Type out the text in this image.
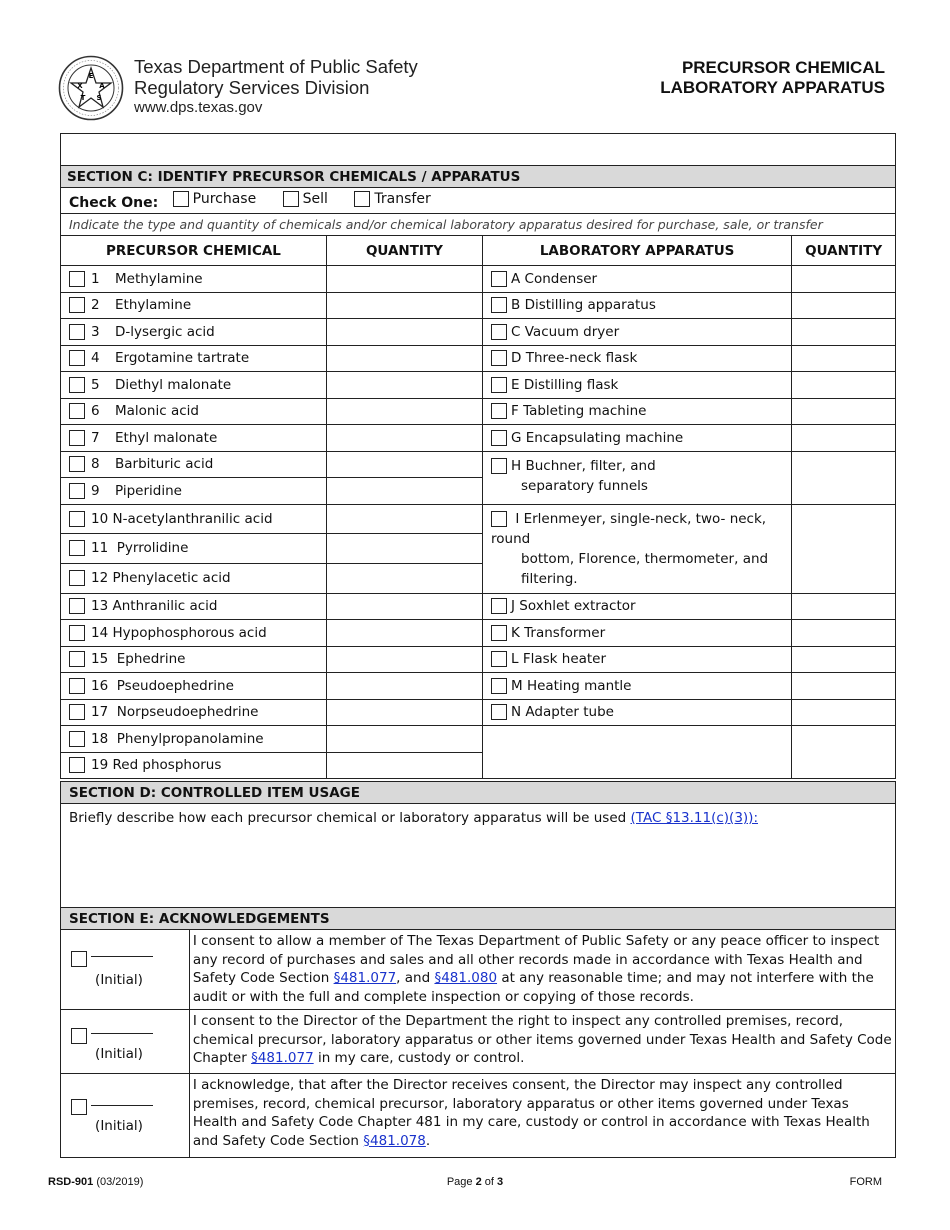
E
X A
T S
Texas Department of Public Safety
Regulatory Services Division
www.dps.texas.gov
PRECURSOR CHEMICAL
LABORATORY APPARATUS

SECTION C: IDENTIFY PRECURSOR CHEMICALS / APPARATUS			
Check One: Purchase
Sell
Transfer			

Indicate the type and quantity of chemicals and/or chemical laboratory apparatus desired for purchase, sale, or transfer			
PRECURSOR CHEMICAL	QUANTITY	LABORATORY APPARATUS	QUANTITY
1 Methylamine		A Condenser	
2 Ethylamine		B Distilling apparatus	
3 D-lysergic acid		C Vacuum dryer	
4 Ergotamine tartrate		D Three-neck flask	
5 Diethyl malonate		E Distilling flask	
6 Malonic acid		F Tableting machine	
7 Ethyl malonate		G Encapsulating machine	
8 Barbituric acid		H Buchner, filter, and
separatory funnels	

9 Piperidine			
10 N-acetylanthranilic acid		I Erlenmeyer, single-neck, two- neck, round
bottom, Florence, thermometer, and
filtering.	

11 Pyrrolidine			
12 Phenylacetic acid			
13 Anthranilic acid		J Soxhlet extractor	
14 Hypophosphorous acid		K Transformer	
15 Ephedrine		L Flask heater	
16 Pseudoephedrine		M Heating mantle	
17 Norpseudoephedrine		N Adapter tube	
18 Phenylpropanolamine			
19 Red phosphorus			
SECTION D: CONTROLLED ITEM USAGE	
Briefly describe how each precursor chemical or laboratory apparatus will be used (TAC §13.11(c)(3)):	
SECTION E: ACKNOWLEDGEMENTS	

(Initial)	I consent to allow a member of The Texas Department of Public Safety or any peace officer to inspect any record of purchases and sales and all other records made in accordance with Texas Health and Safety Code Section §481.077, and §481.080 at any reasonable time; and may not interfere with the audit or with the full and complete inspection or copying of those records.

(Initial)	I consent to the Director of the Department the right to inspect any controlled premises, record, chemical precursor, laboratory apparatus or other items governed under Texas Health and Safety Code Chapter §481.077 in my care, custody or control.

(Initial)	I acknowledge, that after the Director receives consent, the Director may inspect any controlled premises, record, chemical precursor, laboratory apparatus or other items governed under Texas Health and Safety Code Chapter 481 in my care, custody or control in accordance with Texas Health and Safety Code Section §481.078.
RSD-901 (03/2019)	Page 2 of 3	FORM
